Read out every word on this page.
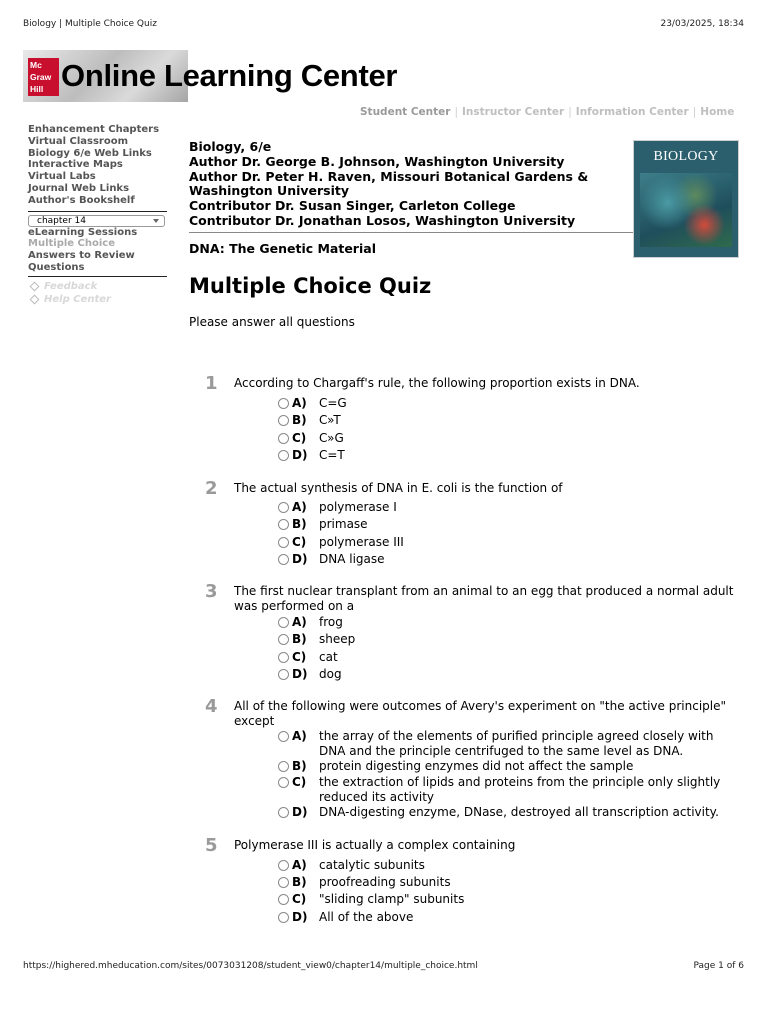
Biology | Multiple Choice Quiz	23/03/2025, 18:34
Mc
Graw
Hill Online Learning Center
Student Center | Instructor Center | Information Center | Home
Enhancement Chapters
Virtual Classroom
Biology 6/e Web Links
Interactive Maps
Virtual Labs
Journal Web Links
Author's Bookshelf
chapter 14
eLearning Sessions
Multiple Choice
Answers to Review Questions
Feedback
Help Center
Biology, 6/e
Author Dr. George B. Johnson, Washington University
Author Dr. Peter H. Raven, Missouri Botanical Gardens & Washington University
Contributor Dr. Susan Singer, Carleton College
Contributor Dr. Jonathan Losos, Washington University
BIOLOGY
DNA: The Genetic Material
Multiple Choice Quiz
Please answer all questions
1	According to Chargaff's rule, the following proportion exists in DNA.
A) C=G
B) C»T
C) C»G
D) C=T
2	The actual synthesis of DNA in E. coli is the function of
A) polymerase I
B) primase
C) polymerase III
D) DNA ligase
3	The first nuclear transplant from an animal to an egg that produced a normal adult was performed on a
A) frog
B) sheep
C) cat
D) dog
4	All of the following were outcomes of Avery's experiment on "the active principle" except
A) the array of the elements of purified principle agreed closely with DNA and the principle centrifuged to the same level as DNA.
B) protein digesting enzymes did not affect the sample
C) the extraction of lipids and proteins from the principle only slightly reduced its activity
D) DNA-digesting enzyme, DNase, destroyed all transcription activity.
5	Polymerase III is actually a complex containing
A) catalytic subunits
B) proofreading subunits
C) "sliding clamp" subunits
D) All of the above
https://highered.mheducation.com/sites/0073031208/student_view0/chapter14/multiple_choice.html	Page 1 of 6
